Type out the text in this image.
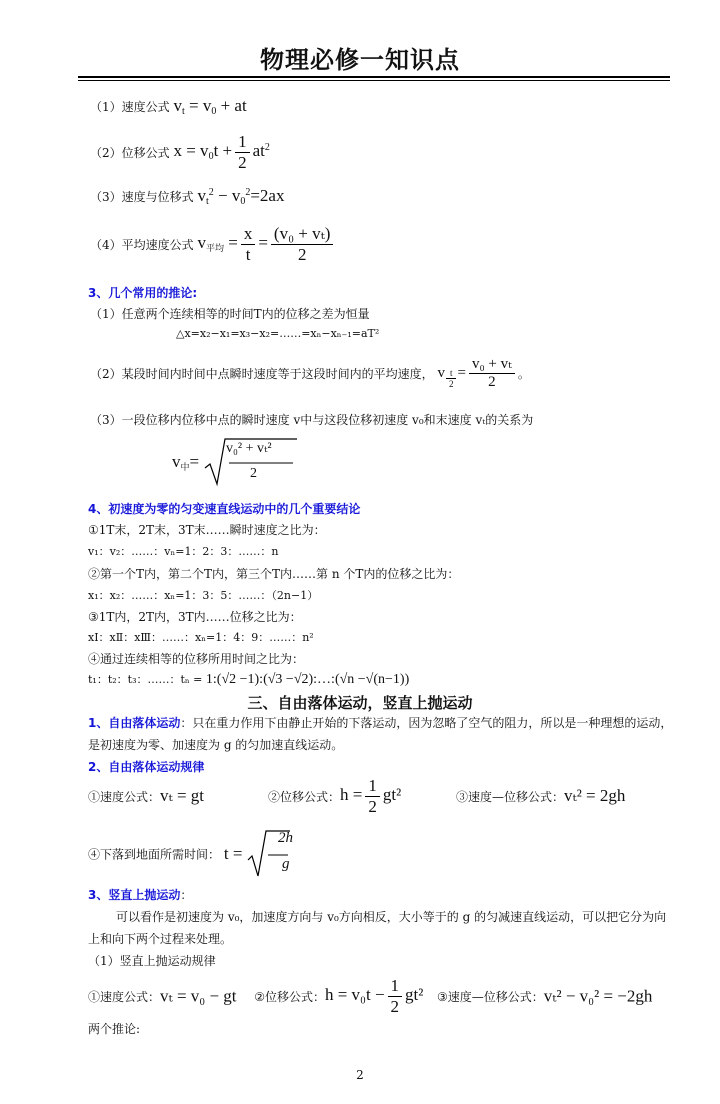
物理必修一知识点
（1）速度公式 $v_t = v_0$ + at
（2）位移公式 $x = v_0t + \frac{1}{2} at^2$
（3）速度与位移式 $v_t^2 - v_0^2=2ax$
（4）平均速度公式 $v_{平均} = \frac{x}{t} = \frac{\text{(v₀ + vₜ)}}{2}$
3、几个常用的推论:
（1）任意两个连续相等的时间T内的位移之差为恒量
△x=x₂−x₁=x₃−x₂=……=xₙ−xₙ₋₁=aT²
（2）某段时间内时间中点瞬时速度等于这段时间内的平均速度， v $\frac{t}{2} = \frac{\text{v₀ + vₜ}}{2}$ 。
（3）一段位移内位移中点的瞬时速度 v中与这段位移初速度 v₀和末速度 vₜ的关系为
$v_中=$
v₀² + vₜ²
2
4、初速度为零的匀变速直线运动中的几个重要结论
①1T末，2T末，3T末……瞬时速度之比为：
v₁：v₂：……：vₙ=1：2：3：……：n
②第一个T内，第二个T内，第三个T内……第 n 个T内的位移之比为：
x₁：x₂：……：xₙ=1：3：5：……：（2n−1）
③1T内，2T内，3T内……位移之比为：
xⅠ：xⅡ：xⅢ：……：xₙ=1：4：9：……：n²
④通过连续相等的位移所用时间之比为：
t₁：t₂：t₃：……：tₙ = 1:(√2 −1):(√3 −√2):…:(√n −√(n−1))
三、自由落体运动，竖直上抛运动
1、自由落体运动：只在重力作用下由静止开始的下落运动，因为忽略了空气的阻力，所以是一种理想的运动，是初速度为零、加速度为 g 的匀加速直线运动。
2、自由落体运动规律
①速度公式：vₜ = gt	②位移公式：$h = \frac{1}{2} gt^2$	③速度—位移公式：vₜ² = 2gh
④下落到地面所需时间： t =
2h
g
3、竖直上抛运动：
可以看作是初速度为 v₀，加速度方向与 v₀方向相反，大小等于的 g 的匀减速直线运动，可以把它分为向上和向下两个过程来处理。
（1）竖直上抛运动规律
①速度公式：vₜ = v₀ − gt ②位移公式：$h = v_0t - \frac{1}{2} gt^2$ ③速度—位移公式：vₜ² − v₀² = −2gh
两个推论:
2
